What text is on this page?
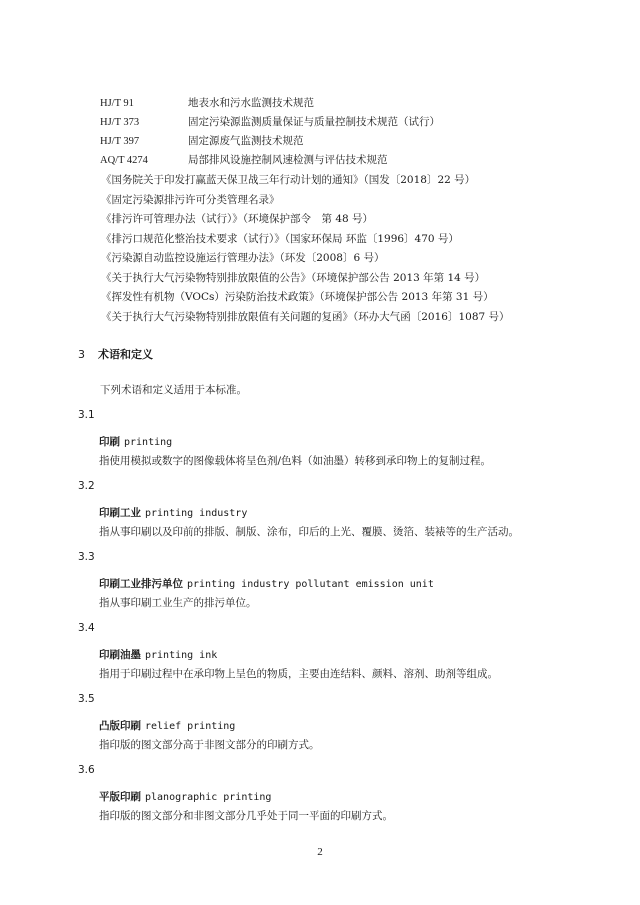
HJ/T 91	地表水和污水监测技术规范
HJ/T 373	固定污染源监测质量保证与质量控制技术规范（试行）
HJ/T 397	固定源废气监测技术规范
AQ/T 4274	局部排风设施控制风速检测与评估技术规范
《国务院关于印发打赢蓝天保卫战三年行动计划的通知》（国发〔2018〕22 号）
《固定污染源排污许可分类管理名录》
《排污许可管理办法（试行）》（环境保护部令　第 48 号）
《排污口规范化整治技术要求（试行）》（国家环保局 环监〔1996〕470 号）
《污染源自动监控设施运行管理办法》（环发〔2008〕6 号）
《关于执行大气污染物特别排放限值的公告》（环境保护部公告 2013 年第 14 号）
《挥发性有机物（VOCs）污染防治技术政策》（环境保护部公告 2013 年第 31 号）
《关于执行大气污染物特别排放限值有关问题的复函》（环办大气函〔2016〕1087 号）
3 术语和定义
下列术语和定义适用于本标准。
3.1
印刷 printing
指使用模拟或数字的图像载体将呈色剂/色料（如油墨）转移到承印物上的复制过程。
3.2
印刷工业 printing industry
指从事印刷以及印前的排版、制版、涂布，印后的上光、覆膜、烫箔、装裱等的生产活动。
3.3
印刷工业排污单位 printing industry pollutant emission unit
指从事印刷工业生产的排污单位。
3.4
印刷油墨 printing ink
指用于印刷过程中在承印物上呈色的物质，主要由连结料、颜料、溶剂、助剂等组成。
3.5
凸版印刷 relief printing
指印版的图文部分高于非图文部分的印刷方式。
3.6
平版印刷 planographic printing
指印版的图文部分和非图文部分几乎处于同一平面的印刷方式。
2
